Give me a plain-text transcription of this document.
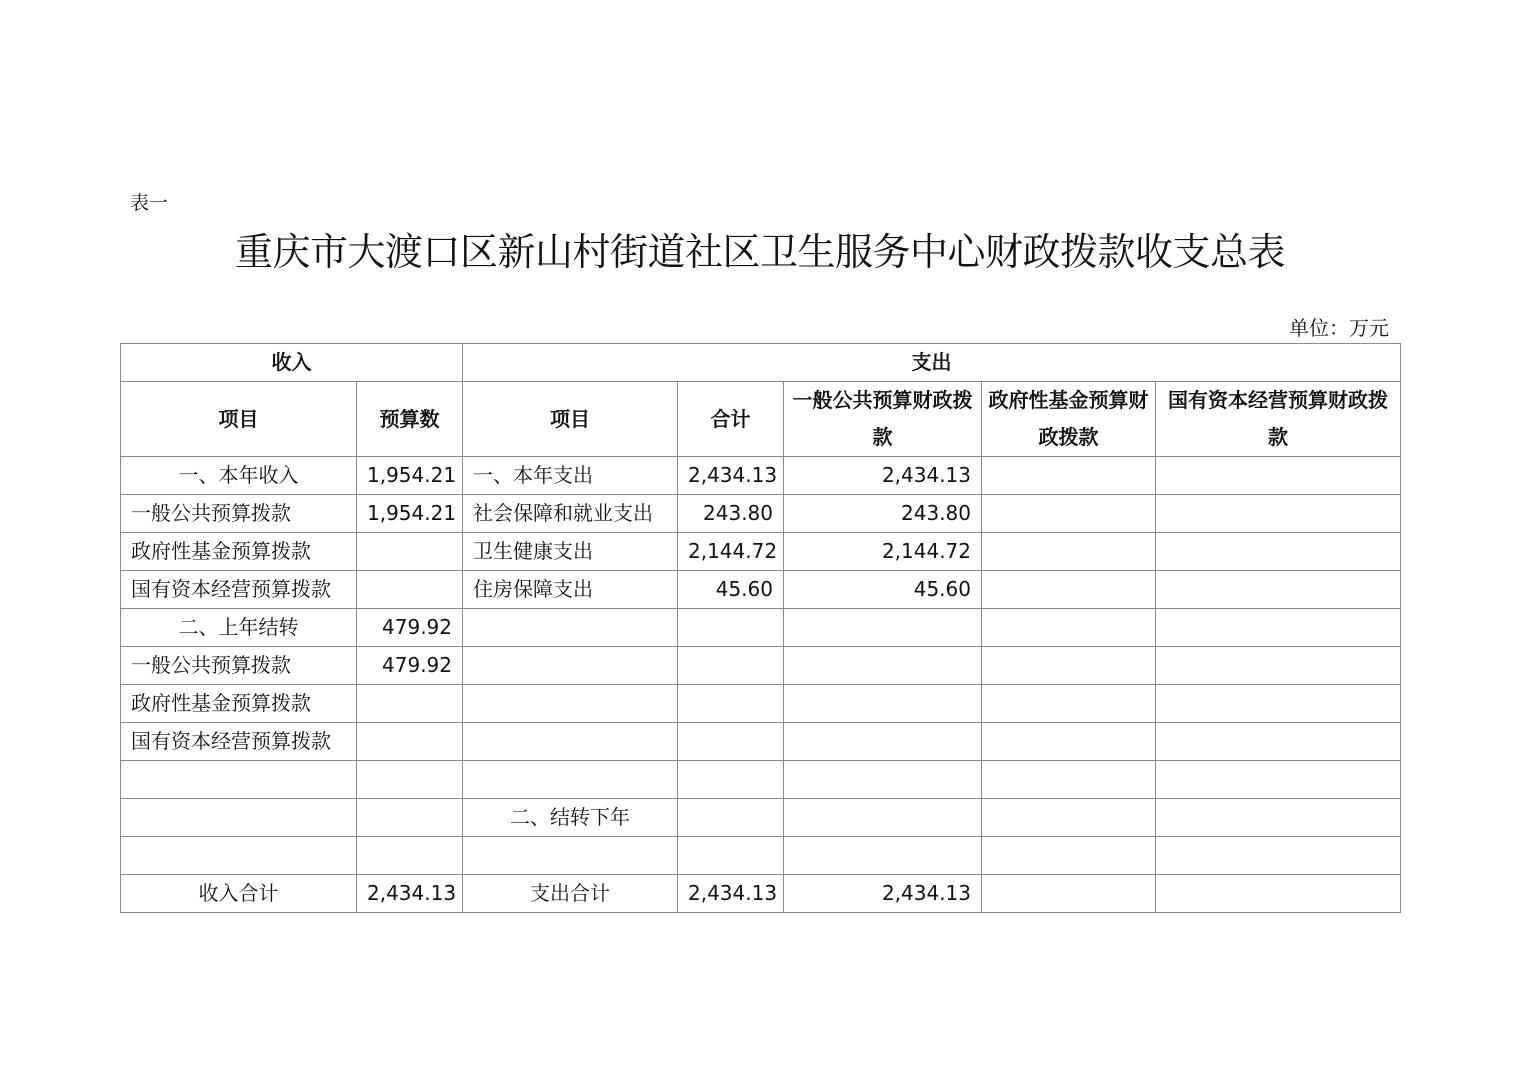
表一
重庆市大渡口区新山村街道社区卫生服务中心财政拨款收支总表
单位：万元
收入		支出				
项目	预算数	项目	合计	一般公共预算财政拨款	政府性基金预算财政拨款	国有资本经营预算财政拨款
一、本年收入	1,954.21	一、本年支出	2,434.13	2,434.13		
一般公共预算拨款	1,954.21	社会保障和就业支出	243.80	243.80		
政府性基金预算拨款		卫生健康支出	2,144.72	2,144.72		
国有资本经营预算拨款		住房保障支出	45.60	45.60		
二、上年结转	479.92					
一般公共预算拨款	479.92					
政府性基金预算拨款						
国有资本经营预算拨款						

		二、结转下年				

收入合计	2,434.13	支出合计	2,434.13	2,434.13		
